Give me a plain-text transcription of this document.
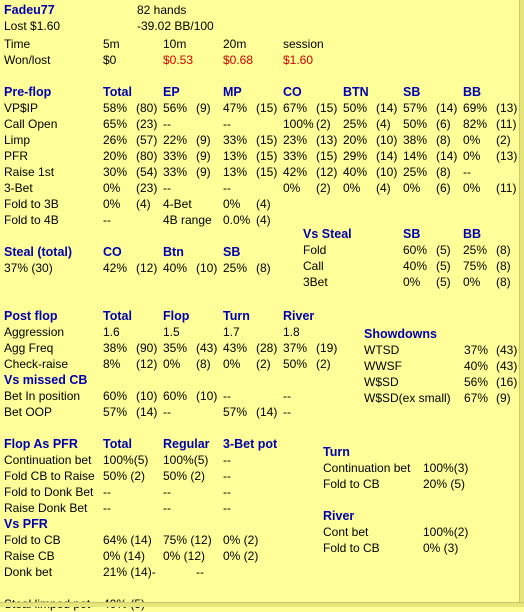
Fadeu77	82 hands
Lost $1.60	-39.02 BB/100
Time	5m	10m	20m	session
Won/lost	$0	$0.53 $0.68 $1.60
Pre-flop	Total EP	MP	CO	BTN	SB	BB
VP$IP	58% (80) 56% (9) 47% (15) 67% (15) 50% (14) 57% (14) 69% (13)
Call Open	65% (23) --	--	100% (2) 25% (4) 50% (6) 82% (11)
Limp	26% (57) 22% (9) 33% (15) 23% (13) 20% (10) 38% (8) 0% (2)
PFR	20% (80) 33% (9) 13% (15) 33% (15) 29% (14) 14% (14) 0% (13)
Raise 1st	30% (54) 33% (9) 13% (15) 42% (12) 40% (10) 25% (8) --
3-Bet	0% (23) --	--	0% (2) 0% (4) 0% (6) 0% (11)
Fold to 3B	0% (4) 4-Bet	0% (4)
Fold to 4B	--	4B range 0.0% (4)
Steal (total) CO	Btn	SB
37% (30)	42% (12) 40% (10) 25% (8)
Vs Steal	SB	BB
Fold	60% (5) 25% (8)
Call	40% (5) 75% (8)
3Bet	0% (5) 0% (8)
Post flop	Total Flop	Turn	River
Aggression	1.6	1.5	1.7	1.8
Agg Freq	38% (90) 35% (43) 43% (28) 37% (19)
Check-raise	8% (12) 0% (8) 0% (2) 50% (2)
Vs missed CB
Bet In position 60% (10) 60% (10) --	--
Bet OOP	57% (14) --	57% (14) --
Showdowns
WTSD	37% (43)
WWSF	40% (43)
W$SD	56% (16)
W$SD(ex small) 67% (9)
Flop As PFR Total Regular 3-Bet pot
Continuation bet 100%(5) 100%(5) --
Fold CB to Raise 50% (2) 50% (2) --
Fold to Donk Bet --	--	--
Raise Donk Bet --	--	--
Vs PFR
Fold to CB	64% (14) 75% (12) 0% (2)
Raise CB	0% (14) 0% (12) 0% (2)
Donk bet	21% (14)-	--
Turn
Continuation bet 100%(3)
Fold to CB	20% (5)
River
Cont bet	100%(2)
Fold to CB	0% (3)
